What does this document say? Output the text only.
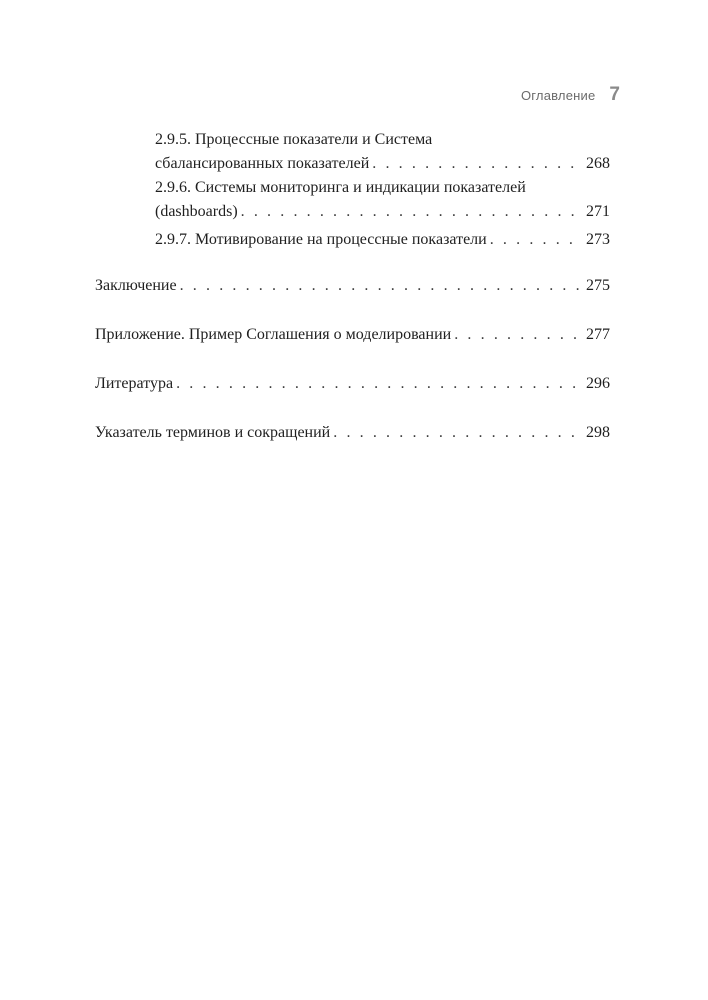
Оглавление 7
2.9.5. Процессные показатели и Система
сбалансированных показателей . . .	268
2.9.6. Системы мониторинга и индикации показателей
(dashboards) . . .	271
2.9.7. Мотивирование на процессные показатели . . .	273
Заключение . . .	275
Приложение. Пример Соглашения о моделировании . . .	277
Литература . . .	296
Указатель терминов и сокращений . . .	298
